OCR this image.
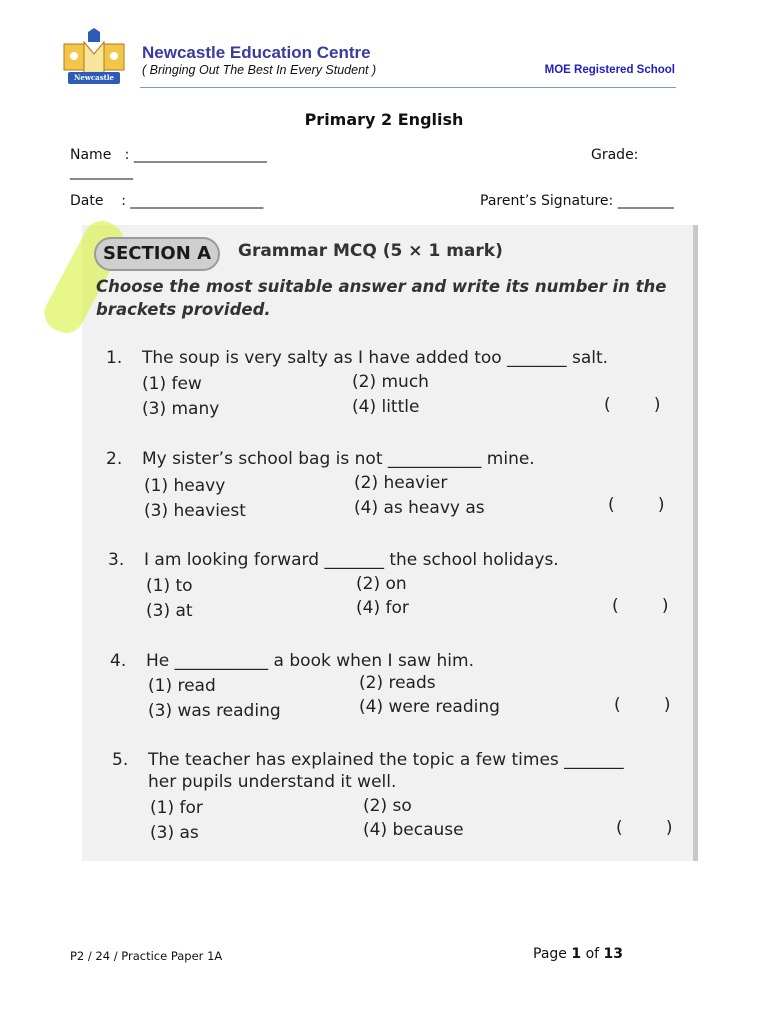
Newcastle
Newcastle Education Centre
( Bringing Out The Best In Every Student )	MOE Registered School
Primary 2 English
Name   : ___________________	Grade:
_________
Date    : ___________________	Parent’s Signature: ________
SECTION A	Grammar MCQ (5 × 1 mark)
Choose the most suitable answer and write its number in the brackets provided.
1. The soup is very salty as I have added too _______ salt.
(1) few	(2) much
(3) many	(4) little	(        )
2. My sister’s school bag is not ___________ mine.
(1) heavy	(2) heavier
(3) heaviest	(4) as heavy as	(        )
3. I am looking forward _______ the school holidays.
(1) to	(2) on
(3) at	(4) for	(        )
4. He ___________ a book when I saw him.
(1) read	(2) reads
(3) was reading	(4) were reading	(        )
5. The teacher has explained the topic a few times _______
her pupils understand it well.
(1) for	(2) so
(3) as	(4) because	(        )
P2 / 24 / Practice Paper 1A	Page 1 of 13
